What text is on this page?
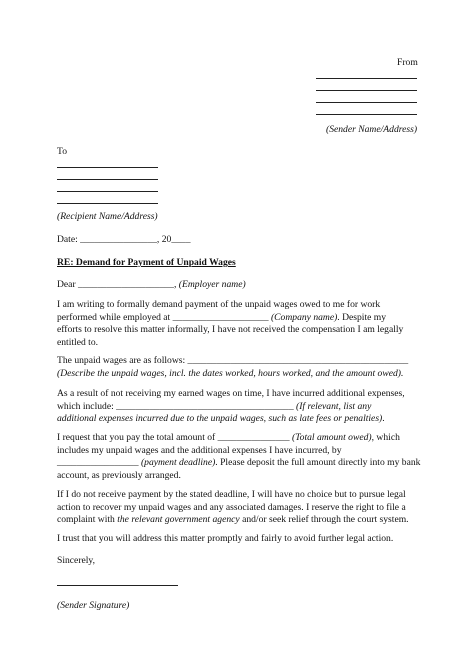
From
(Sender Name/Address)
To
(Recipient Name/Address)
Date: ________________, 20____
RE: Demand for Payment of Unpaid Wages
Dear ____________________, (Employer name)

I am writing to formally demand payment of the unpaid wages owed to me for work

performed while employed at ____________________ (Company name). Despite my

efforts to resolve this matter informally, I have not received the compensation I am legally

entitled to.

The unpaid wages are as follows: ______________________________________________

(Describe the unpaid wages, incl. the dates worked, hours worked, and the amount owed).

As a result of not receiving my earned wages on time, I have incurred additional expenses,

which include: _____________________________________ (If relevant, list any

additional expenses incurred due to the unpaid wages, such as late fees or penalties).

I request that you pay the total amount of _______________ (Total amount owed), which

includes my unpaid wages and the additional expenses I have incurred, by

_________________ (payment deadline). Please deposit the full amount directly into my bank

account, as previously arranged.

If I do not receive payment by the stated deadline, I will have no choice but to pursue legal

action to recover my unpaid wages and any associated damages. I reserve the right to file a

complaint with the relevant government agency and/or seek relief through the court system.

I trust that you will address this matter promptly and fairly to avoid further legal action.

Sincerely,
(Sender Signature)
